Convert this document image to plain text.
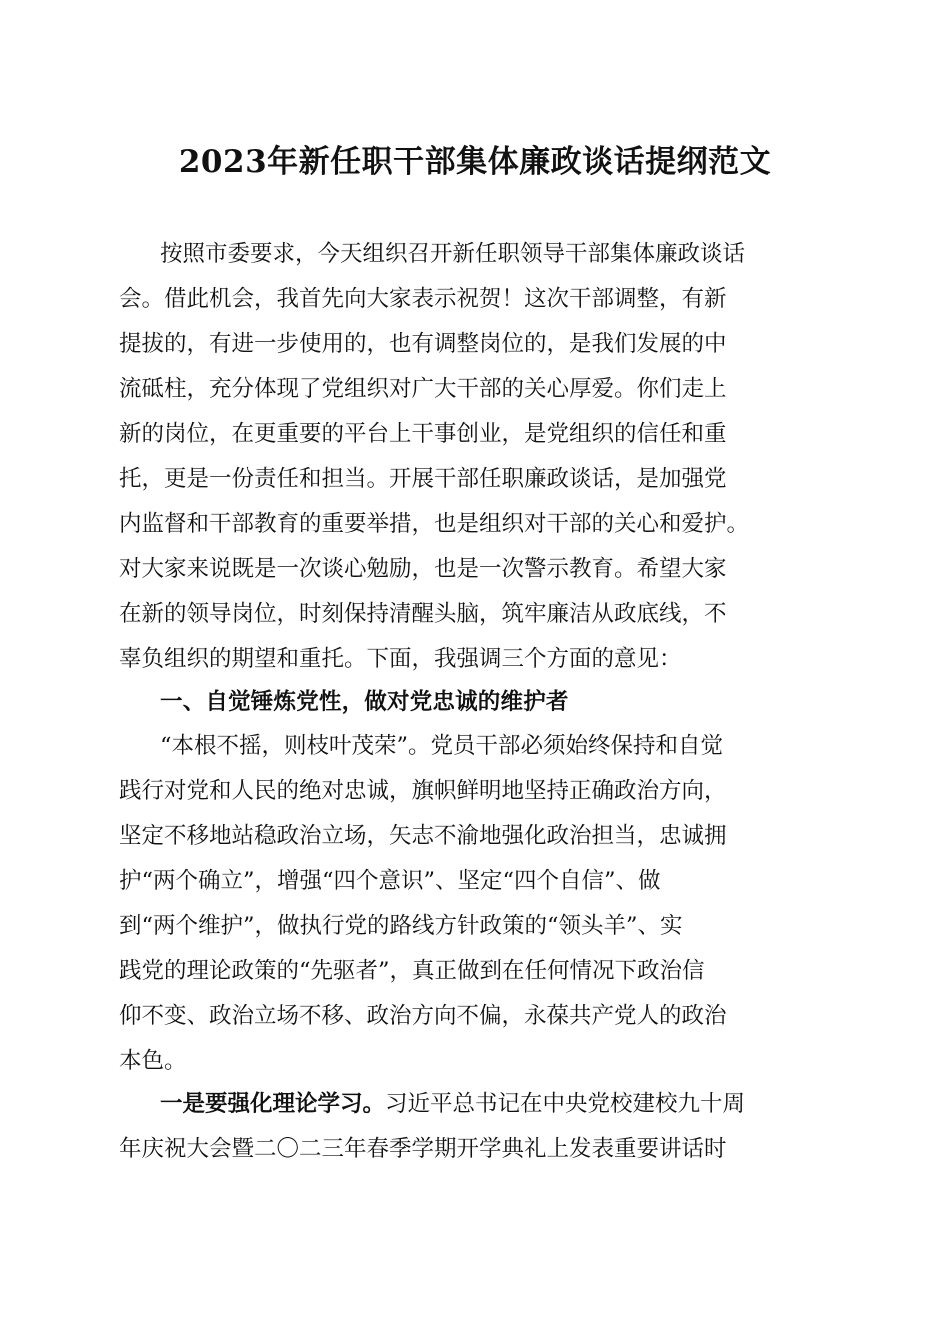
2023年新任职干部集体廉政谈话提纲范文
按照市委要求，今天组织召开新任职领导干部集体廉政谈话
会。借此机会，我首先向大家表示祝贺！这次干部调整，有新
提拔的，有进一步使用的，也有调整岗位的，是我们发展的中
流砥柱，充分体现了党组织对广大干部的关心厚爱。你们走上
新的岗位，在更重要的平台上干事创业，是党组织的信任和重
托，更是一份责任和担当。开展干部任职廉政谈话，是加强党
内监督和干部教育的重要举措，也是组织对干部的关心和爱护。
对大家来说既是一次谈心勉励，也是一次警示教育。希望大家
在新的领导岗位，时刻保持清醒头脑，筑牢廉洁从政底线，不
辜负组织的期望和重托。下面，我强调三个方面的意见：
一、自觉锤炼党性，做对党忠诚的维护者
“本根不摇，则枝叶茂荣”。党员干部必须始终保持和自觉
践行对党和人民的绝对忠诚，旗帜鲜明地坚持正确政治方向，
坚定不移地站稳政治立场，矢志不渝地强化政治担当，忠诚拥
护“两个确立”，增强“四个意识”、坚定“四个自信”、做
到“两个维护”，做执行党的路线方针政策的“领头羊”、实
践党的理论政策的“先驱者”，真正做到在任何情况下政治信
仰不变、政治立场不移、政治方向不偏，永葆共产党人的政治
本色。
一是要强化理论学习。习近平总书记在中央党校建校九十周
年庆祝大会暨二〇二三年春季学期开学典礼上发表重要讲话时
